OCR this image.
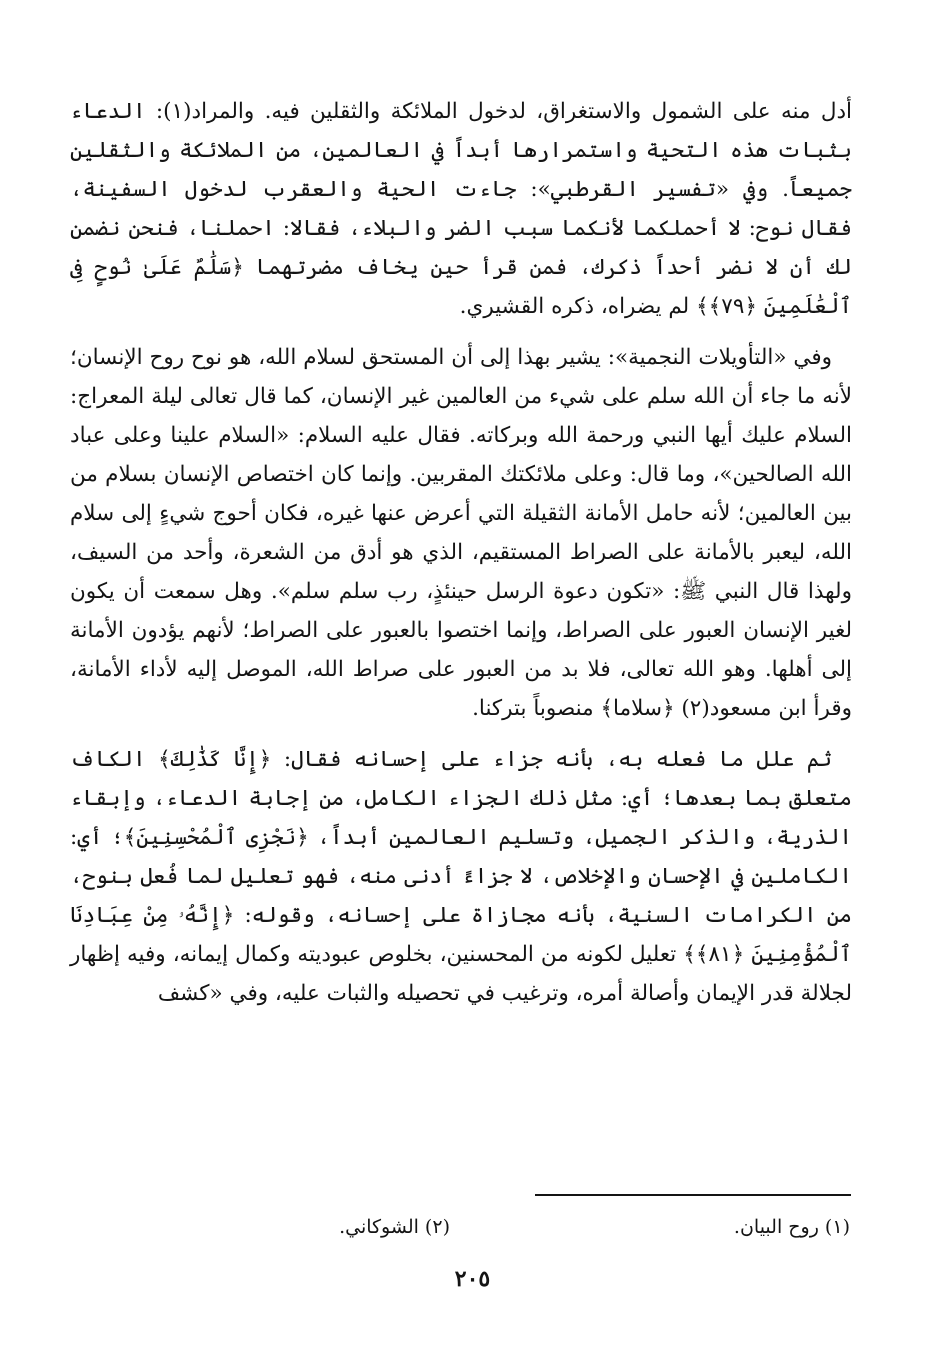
أدل منه على الشمول والاستغراق، لدخول الملائكة والثقلين فيه. والمراد(١): الدعاء بثبات هذه التحية واستمرارها أبداً في العالمين، من الملائكة والثقلين جميعاً. وفي «تفسير القرطبي»: جاءت الحية والعقرب لدخول السفينة، فقال نوح: لا أحملكما لأنكما سبب الضر والبلاء، فقالا: احملنا، فنحن نضمن لك أن لا نضر أحداً ذكرك، فمن قرأ حين يخاف مضرتهما ﴿سَلَٰمٌ عَلَىٰ نُوحٍ فِى ٱلْعَٰلَمِينَ ﴿٧٩﴾﴾ لم يضراه، ذكره القشيري.

وفي «التأويلات النجمية»: يشير بهذا إلى أن المستحق لسلام الله، هو نوح روح الإنسان؛ لأنه ما جاء أن الله سلم على شيء من العالمين غير الإنسان، كما قال تعالى ليلة المعراج: السلام عليك أيها النبي ورحمة الله وبركاته. فقال عليه السلام: «السلام علينا وعلى عباد الله الصالحين»، وما قال: وعلى ملائكتك المقربين. وإنما كان اختصاص الإنسان بسلام من بين العالمين؛ لأنه حامل الأمانة الثقيلة التي أعرض عنها غيره، فكان أحوج شيءٍ إلى سلام الله، ليعبر بالأمانة على الصراط المستقيم، الذي هو أدق من الشعرة، وأحد من السيف، ولهذا قال النبي ﷺ: «تكون دعوة الرسل حينئذٍ، رب سلم سلم». وهل سمعت أن يكون لغير الإنسان العبور على الصراط، وإنما اختصوا بالعبور على الصراط؛ لأنهم يؤدون الأمانة إلى أهلها. وهو الله تعالى، فلا بد من العبور على صراط الله، الموصل إليه لأداء الأمانة، وقرأ ابن مسعود(٢) ﴿سلاما﴾ منصوباً بتركنا.

ثم علل ما فعله به، بأنه جزاء على إحسانه فقال: ﴿إِنَّا كَذَٰلِكَ﴾ الكاف متعلق بما بعدها؛ أي: مثل ذلك الجزاء الكامل، من إجابة الدعاء، وإبقاء الذرية، والذكر الجميل، وتسليم العالمين أبداً، ﴿نَجْزِى ٱلْمُحْسِنِينَ﴾؛ أي: الكاملين في الإحسان والإخلاص، لا جزاءً أدنى منه، فهو تعليل لما فُعل بنوح، من الكرامات السنية، بأنه مجازاة على إحسانه، وقوله: ﴿إِنَّهُۥ مِنْ عِبَادِنَا ٱلْمُؤْمِنِينَ ﴿٨١﴾﴾ تعليل لكونه من المحسنين، بخلوص عبوديته وكمال إيمانه، وفيه إظهار لجلالة قدر الإيمان وأصالة أمره، وترغيب في تحصيله والثبات عليه، وفي «كشف

(١) روح البيان.
(٢) الشوكاني.
٢٠٥
